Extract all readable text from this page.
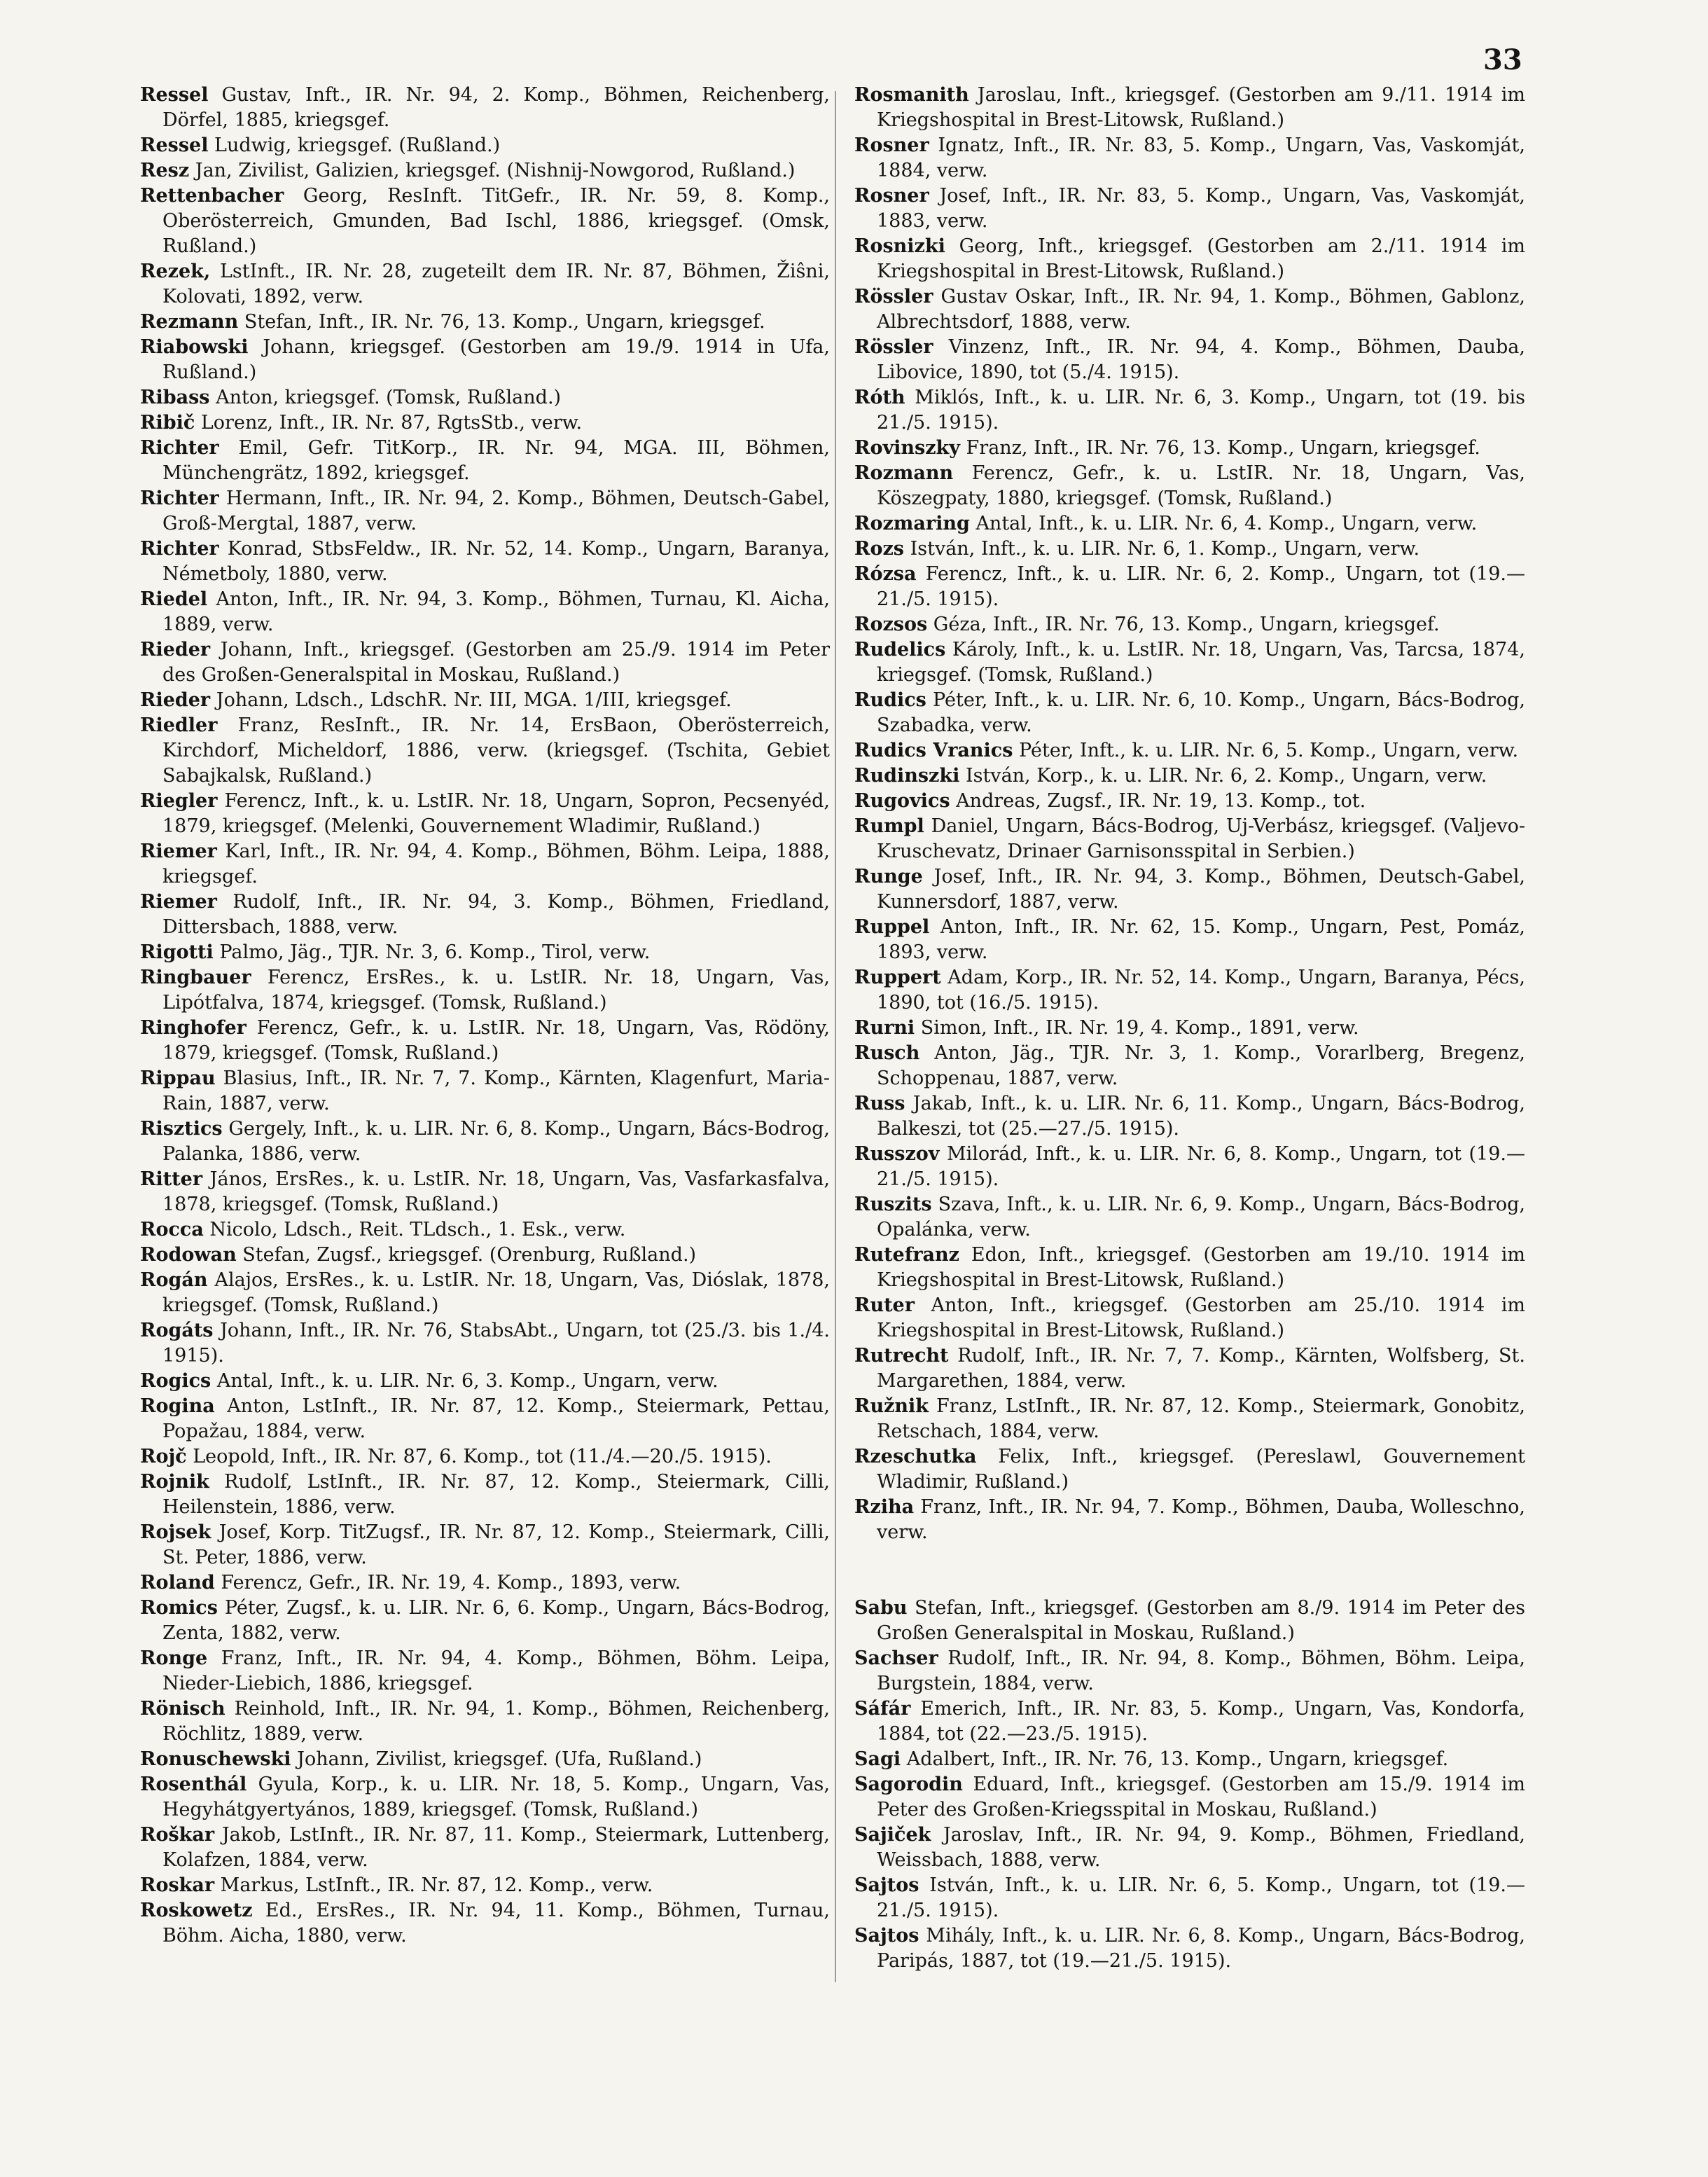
33

Ressel Gustav, Inft., IR. Nr. 94, 2. Komp., Böhmen, Reichenberg, Dörfel, 1885, kriegsgef.

Ressel Ludwig, kriegsgef. (Rußland.)

Resz Jan, Zivilist, Galizien, kriegsgef. (Nishnij-Nowgorod, Rußland.)

Rettenbacher Georg, ResInft. TitGefr., IR. Nr. 59, 8. Komp., Oberösterreich, Gmunden, Bad Ischl, 1886, kriegsgef. (Omsk, Rußland.)

Rezek, LstInft., IR. Nr. 28, zugeteilt dem IR. Nr. 87, Böhmen, Žiŝni, Kolovati, 1892, verw.

Rezmann Stefan, Inft., IR. Nr. 76, 13. Komp., Ungarn, kriegsgef.

Riabowski Johann, kriegsgef. (Gestorben am 19./9. 1914 in Ufa, Rußland.)

Ribass Anton, kriegsgef. (Tomsk, Rußland.)

Ribič Lorenz, Inft., IR. Nr. 87, RgtsStb., verw.

Richter Emil, Gefr. TitKorp., IR. Nr. 94, MGA. III, Böhmen, Münchengrätz, 1892, kriegsgef.

Richter Hermann, Inft., IR. Nr. 94, 2. Komp., Böhmen, Deutsch-Gabel, Groß-Mergtal, 1887, verw.

Richter Konrad, StbsFeldw., IR. Nr. 52, 14. Komp., Ungarn, Baranya, Németboly, 1880, verw.

Riedel Anton, Inft., IR. Nr. 94, 3. Komp., Böhmen, Turnau, Kl. Aicha, 1889, verw.

Rieder Johann, Inft., kriegsgef. (Gestorben am 25./9. 1914 im Peter des Großen-Generalspital in Moskau, Rußland.)

Rieder Johann, Ldsch., LdschR. Nr. III, MGA. 1/III, kriegsgef.

Riedler Franz, ResInft., IR. Nr. 14, ErsBaon, Oberösterreich, Kirchdorf, Micheldorf, 1886, verw. (kriegsgef. (Tschita, Gebiet Sabajkalsk, Rußland.)

Riegler Ferencz, Inft., k. u. LstIR. Nr. 18, Ungarn, Sopron, Pecsenyéd, 1879, kriegsgef. (Melenki, Gouvernement Wladimir, Rußland.)

Riemer Karl, Inft., IR. Nr. 94, 4. Komp., Böhmen, Böhm. Leipa, 1888, kriegsgef.

Riemer Rudolf, Inft., IR. Nr. 94, 3. Komp., Böhmen, Friedland, Dittersbach, 1888, verw.

Rigotti Palmo, Jäg., TJR. Nr. 3, 6. Komp., Tirol, verw.

Ringbauer Ferencz, ErsRes., k. u. LstIR. Nr. 18, Ungarn, Vas, Lipótfalva, 1874, kriegsgef. (Tomsk, Rußland.)

Ringhofer Ferencz, Gefr., k. u. LstIR. Nr. 18, Ungarn, Vas, Rödöny, 1879, kriegsgef. (Tomsk, Rußland.)

Rippau Blasius, Inft., IR. Nr. 7, 7. Komp., Kärnten, Klagenfurt, Maria-Rain, 1887, verw.

Risztics Gergely, Inft., k. u. LIR. Nr. 6, 8. Komp., Ungarn, Bács-Bodrog, Palanka, 1886, verw.

Ritter János, ErsRes., k. u. LstIR. Nr. 18, Ungarn, Vas, Vasfarkasfalva, 1878, kriegsgef. (Tomsk, Rußland.)

Rocca Nicolo, Ldsch., Reit. TLdsch., 1. Esk., verw.

Rodowan Stefan, Zugsf., kriegsgef. (Orenburg, Rußland.)

Rogán Alajos, ErsRes., k. u. LstIR. Nr. 18, Ungarn, Vas, Dióslak, 1878, kriegsgef. (Tomsk, Rußland.)

Rogáts Johann, Inft., IR. Nr. 76, StabsAbt., Ungarn, tot (25./3. bis 1./4. 1915).

Rogics Antal, Inft., k. u. LIR. Nr. 6, 3. Komp., Ungarn, verw.

Rogina Anton, LstInft., IR. Nr. 87, 12. Komp., Steiermark, Pettau, Popažau, 1884, verw.

Rojč Leopold, Inft., IR. Nr. 87, 6. Komp., tot (11./4.—20./5. 1915).

Rojnik Rudolf, LstInft., IR. Nr. 87, 12. Komp., Steiermark, Cilli, Heilenstein, 1886, verw.

Rojsek Josef, Korp. TitZugsf., IR. Nr. 87, 12. Komp., Steiermark, Cilli, St. Peter, 1886, verw.

Roland Ferencz, Gefr., IR. Nr. 19, 4. Komp., 1893, verw.

Romics Péter, Zugsf., k. u. LIR. Nr. 6, 6. Komp., Ungarn, Bács-Bodrog, Zenta, 1882, verw.

Ronge Franz, Inft., IR. Nr. 94, 4. Komp., Böhmen, Böhm. Leipa, Nieder-Liebich, 1886, kriegsgef.

Rönisch Reinhold, Inft., IR. Nr. 94, 1. Komp., Böhmen, Reichenberg, Röchlitz, 1889, verw.

Ronuschewski Johann, Zivilist, kriegsgef. (Ufa, Rußland.)

Rosenthál Gyula, Korp., k. u. LIR. Nr. 18, 5. Komp., Ungarn, Vas, Hegyhátgyertyános, 1889, kriegsgef. (Tomsk, Rußland.)

Roškar Jakob, LstInft., IR. Nr. 87, 11. Komp., Steiermark, Luttenberg, Kolafzen, 1884, verw.

Roskar Markus, LstInft., IR. Nr. 87, 12. Komp., verw.

Roskowetz Ed., ErsRes., IR. Nr. 94, 11. Komp., Böhmen, Turnau, Böhm. Aicha, 1880, verw.

Rosmanith Jaroslau, Inft., kriegsgef. (Gestorben am 9./11. 1914 im Kriegshospital in Brest-Litowsk, Rußland.)

Rosner Ignatz, Inft., IR. Nr. 83, 5. Komp., Ungarn, Vas, Vaskomját, 1884, verw.

Rosner Josef, Inft., IR. Nr. 83, 5. Komp., Ungarn, Vas, Vaskomját, 1883, verw.

Rosnizki Georg, Inft., kriegsgef. (Gestorben am 2./11. 1914 im Kriegshospital in Brest-Litowsk, Rußland.)

Rössler Gustav Oskar, Inft., IR. Nr. 94, 1. Komp., Böhmen, Gablonz, Albrechtsdorf, 1888, verw.

Rössler Vinzenz, Inft., IR. Nr. 94, 4. Komp., Böhmen, Dauba, Libovice, 1890, tot (5./4. 1915).

Róth Miklós, Inft., k. u. LIR. Nr. 6, 3. Komp., Ungarn, tot (19. bis 21./5. 1915).

Rovinszky Franz, Inft., IR. Nr. 76, 13. Komp., Ungarn, kriegsgef.

Rozmann Ferencz, Gefr., k. u. LstIR. Nr. 18, Ungarn, Vas, Köszegpaty, 1880, kriegsgef. (Tomsk, Rußland.)

Rozmaring Antal, Inft., k. u. LIR. Nr. 6, 4. Komp., Ungarn, verw.

Rozs István, Inft., k. u. LIR. Nr. 6, 1. Komp., Ungarn, verw.

Rózsa Ferencz, Inft., k. u. LIR. Nr. 6, 2. Komp., Ungarn, tot (19.—21./5. 1915).

Rozsos Géza, Inft., IR. Nr. 76, 13. Komp., Ungarn, kriegsgef.

Rudelics Károly, Inft., k. u. LstIR. Nr. 18, Ungarn, Vas, Tarcsa, 1874, kriegsgef. (Tomsk, Rußland.)

Rudics Péter, Inft., k. u. LIR. Nr. 6, 10. Komp., Ungarn, Bács-Bodrog, Szabadka, verw.

Rudics Vranics Péter, Inft., k. u. LIR. Nr. 6, 5. Komp., Ungarn, verw.

Rudinszki István, Korp., k. u. LIR. Nr. 6, 2. Komp., Ungarn, verw.

Rugovics Andreas, Zugsf., IR. Nr. 19, 13. Komp., tot.

Rumpl Daniel, Ungarn, Bács-Bodrog, Uj-Verbász, kriegsgef. (Valjevo-Kruschevatz, Drinaer Garnisonsspital in Serbien.)

Runge Josef, Inft., IR. Nr. 94, 3. Komp., Böhmen, Deutsch-Gabel, Kunnersdorf, 1887, verw.

Ruppel Anton, Inft., IR. Nr. 62, 15. Komp., Ungarn, Pest, Pomáz, 1893, verw.

Ruppert Adam, Korp., IR. Nr. 52, 14. Komp., Ungarn, Baranya, Pécs, 1890, tot (16./5. 1915).

Rurni Simon, Inft., IR. Nr. 19, 4. Komp., 1891, verw.

Rusch Anton, Jäg., TJR. Nr. 3, 1. Komp., Vorarlberg, Bregenz, Schoppenau, 1887, verw.

Russ Jakab, Inft., k. u. LIR. Nr. 6, 11. Komp., Ungarn, Bács-Bodrog, Balkeszi, tot (25.—27./5. 1915).

Russzov Milorád, Inft., k. u. LIR. Nr. 6, 8. Komp., Ungarn, tot (19.—21./5. 1915).

Ruszits Szava, Inft., k. u. LIR. Nr. 6, 9. Komp., Ungarn, Bács-Bodrog, Opalánka, verw.

Rutefranz Edon, Inft., kriegsgef. (Gestorben am 19./10. 1914 im Kriegshospital in Brest-Litowsk, Rußland.)

Ruter Anton, Inft., kriegsgef. (Gestorben am 25./10. 1914 im Kriegshospital in Brest-Litowsk, Rußland.)

Rutrecht Rudolf, Inft., IR. Nr. 7, 7. Komp., Kärnten, Wolfsberg, St. Margarethen, 1884, verw.

Ružnik Franz, LstInft., IR. Nr. 87, 12. Komp., Steiermark, Gonobitz, Retschach, 1884, verw.

Rzeschutka Felix, Inft., kriegsgef. (Pereslawl, Gouvernement Wladimir, Rußland.)

Rziha Franz, Inft., IR. Nr. 94, 7. Komp., Böhmen, Dauba, Wolleschno, verw.

Sabu Stefan, Inft., kriegsgef. (Gestorben am 8./9. 1914 im Peter des Großen Generalspital in Moskau, Rußland.)

Sachser Rudolf, Inft., IR. Nr. 94, 8. Komp., Böhmen, Böhm. Leipa, Burgstein, 1884, verw.

Sáfár Emerich, Inft., IR. Nr. 83, 5. Komp., Ungarn, Vas, Kondorfa, 1884, tot (22.—23./5. 1915).

Sagi Adalbert, Inft., IR. Nr. 76, 13. Komp., Ungarn, kriegsgef.

Sagorodin Eduard, Inft., kriegsgef. (Gestorben am 15./9. 1914 im Peter des Großen-Kriegsspital in Moskau, Rußland.)

Sajiček Jaroslav, Inft., IR. Nr. 94, 9. Komp., Böhmen, Friedland, Weissbach, 1888, verw.

Sajtos István, Inft., k. u. LIR. Nr. 6, 5. Komp., Ungarn, tot (19.—21./5. 1915).

Sajtos Mihály, Inft., k. u. LIR. Nr. 6, 8. Komp., Ungarn, Bács-Bodrog, Paripás, 1887, tot (19.—21./5. 1915).
